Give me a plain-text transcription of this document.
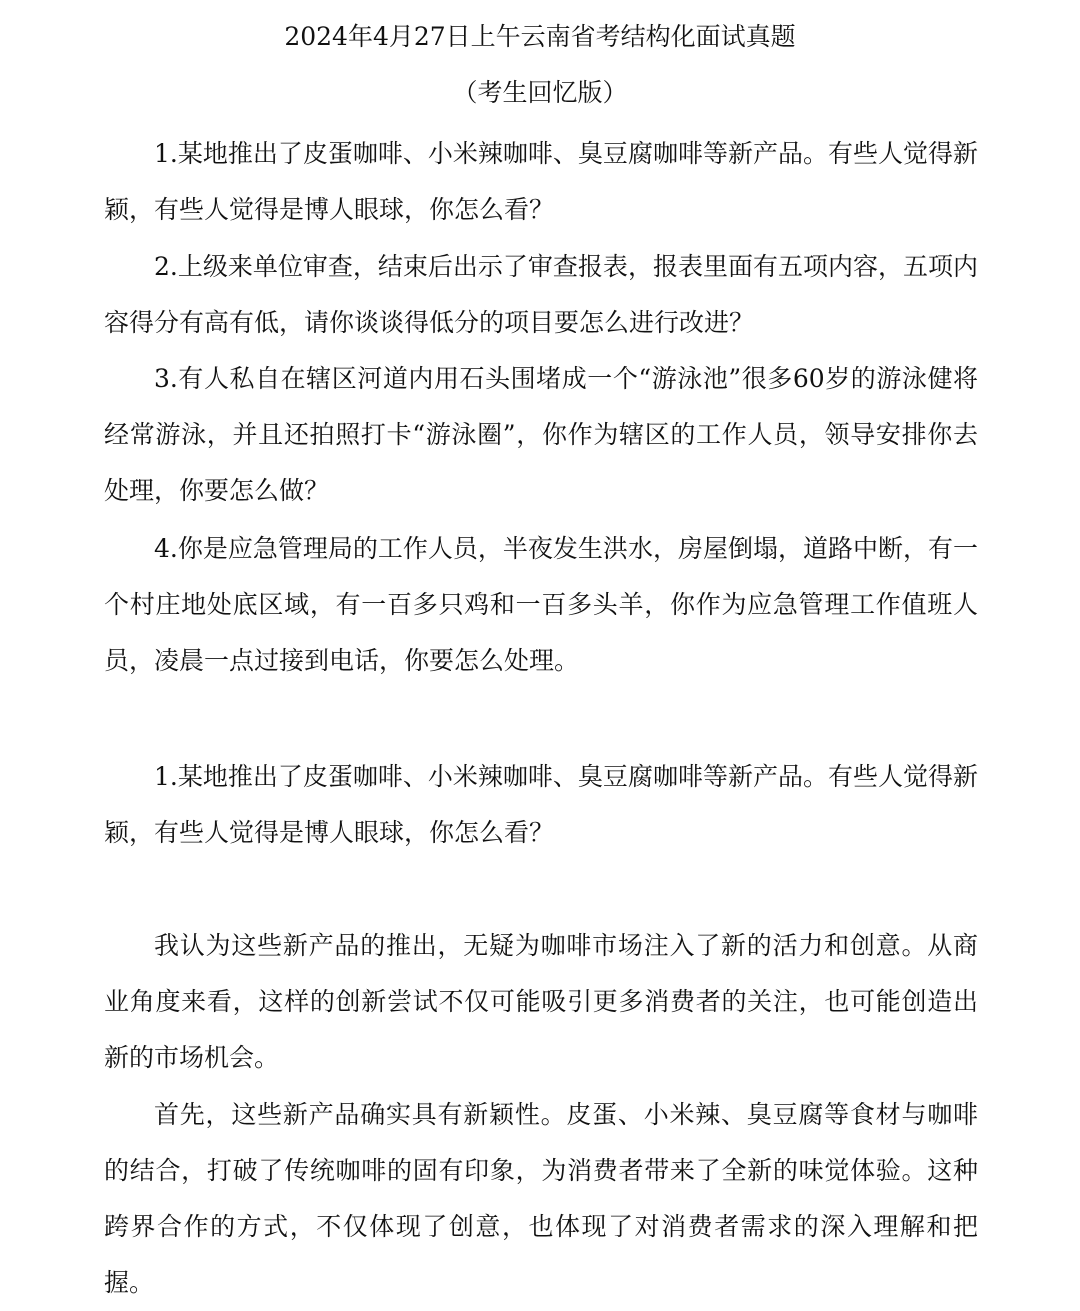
2024年4月27日上午云南省考结构化面试真题
（考生回忆版）

1.某地推出了皮蛋咖啡、小米辣咖啡、臭豆腐咖啡等新产品。有些人觉得新颖，有些人觉得是博人眼球，你怎么看？

2.上级来单位审查，结束后出示了审查报表，报表里面有五项内容，五项内容得分有高有低，请你谈谈得低分的项目要怎么进行改进？

3.有人私自在辖区河道内用石头围堵成一个“游泳池”很多60岁的游泳健将经常游泳，并且还拍照打卡“游泳圈”，你作为辖区的工作人员，领导安排你去处理，你要怎么做？

4.你是应急管理局的工作人员，半夜发生洪水，房屋倒塌，道路中断，有一个村庄地处底区域，有一百多只鸡和一百多头羊，你作为应急管理工作值班人员，凌晨一点过接到电话，你要怎么处理。

1.某地推出了皮蛋咖啡、小米辣咖啡、臭豆腐咖啡等新产品。有些人觉得新颖，有些人觉得是博人眼球，你怎么看？

我认为这些新产品的推出，无疑为咖啡市场注入了新的活力和创意。从商业角度来看，这样的创新尝试不仅可能吸引更多消费者的关注，也可能创造出新的市场机会。

首先，这些新产品确实具有新颖性。皮蛋、小米辣、臭豆腐等食材与咖啡的结合，打破了传统咖啡的固有印象，为消费者带来了全新的味觉体验。这种跨界合作的方式，不仅体现了创意，也体现了对消费者需求的深入理解和把握。
